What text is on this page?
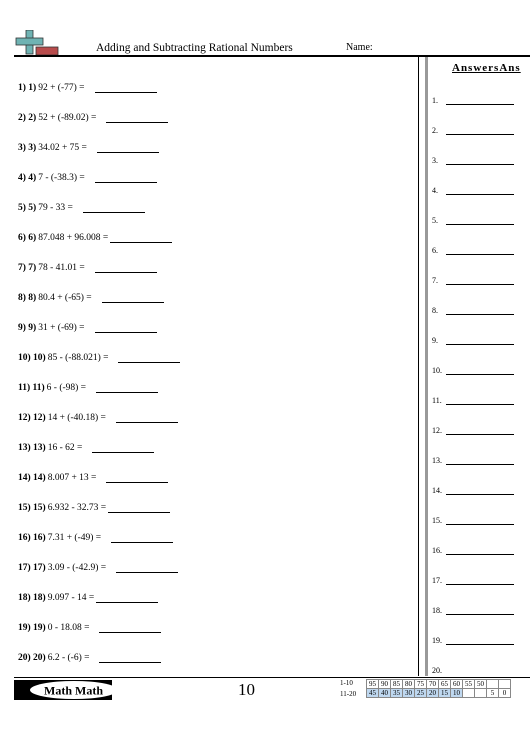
Adding and Subtracting Rational Numbers	Name:
1) 1) 92 + (-77) =
2) 2) 52 + (-89.02) =
3) 3) 34.02 + 75 =
4) 4) 7 - (-38.3) =
5) 5) 79 - 33 =
6) 6) 87.048 + 96.008 =
7) 7) 78 - 41.01 =
8) 8) 80.4 + (-65) =
9) 9) 31 + (-69) =
10) 10) 85 - (-88.021) =
11) 11) 6 - (-98) =
12) 12) 14 + (-40.18) =
13) 13) 16 - 62 =
14) 14) 8.007 + 13 =
15) 15) 6.932 - 32.73 =
16) 16) 7.31 + (-49) =
17) 17) 3.09 - (-42.9) =
18) 18) 9.097 - 14 =
19) 19) 0 - 18.08 =
20) 20) 6.2 - (-6) =
AnswersAns
1.
2.
3.
4.
5.
6.
7.
8.
9.
10.
11.
12.
13.
14.
15.
16.
17.
18.
19.
20.
Math Math	10	1-10
11-20
95	90	85	80	75	70	65	60	55	50		
45	40	35	30	25	20	15	10			5	0
